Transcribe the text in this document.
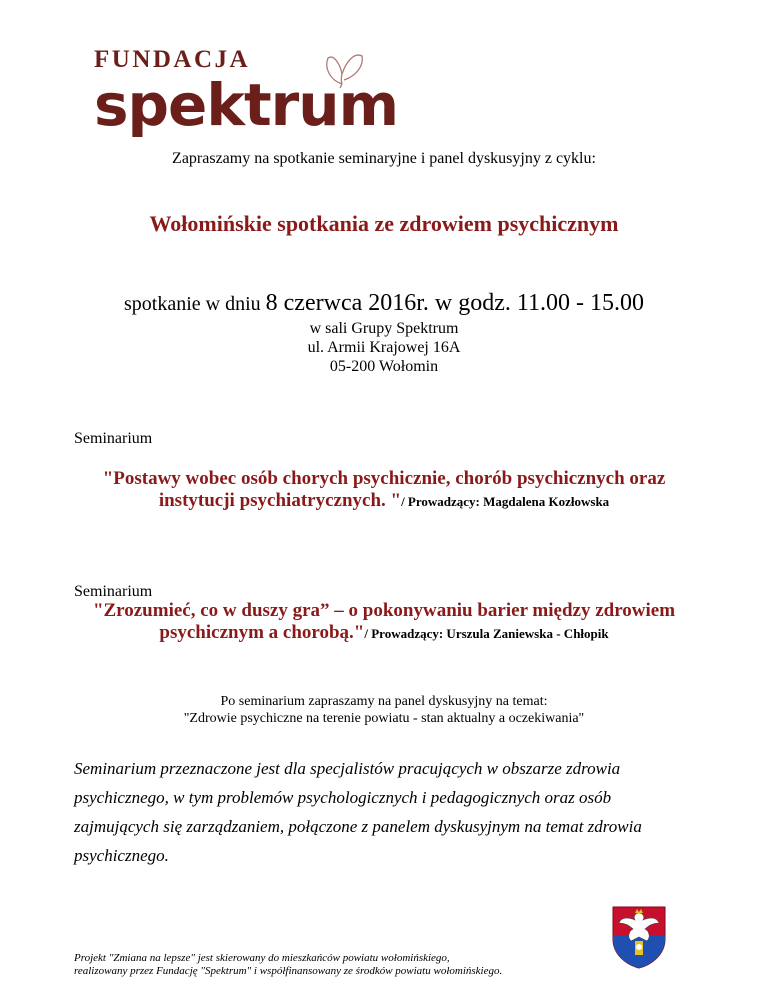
FUNDACJA
spektrum
Zapraszamy na spotkanie seminaryjne i panel dyskusyjny z cyklu:
Wołomińskie spotkania ze zdrowiem psychicznym
spotkanie w dniu 8 czerwca 2016r. w godz. 11.00 - 15.00
w sali Grupy Spektrum
ul. Armii Krajowej 16A
05-200 Wołomin
Seminarium
"Postawy wobec osób chorych psychicznie, chorób psychicznych oraz
instytucji psychiatrycznych. "/ Prowadzący: Magdalena Kozłowska
Seminarium
"Zrozumieć, co w duszy gra” – o pokonywaniu barier między zdrowiem
psychicznym a chorobą."/ Prowadzący: Urszula Zaniewska - Chłopik
Po seminarium zapraszamy na panel dyskusyjny na temat:
"Zdrowie psychiczne na terenie powiatu - stan aktualny a oczekiwania"
Seminarium przeznaczone jest dla specjalistów pracujących w obszarze zdrowia
psychicznego, w tym problemów psychologicznych i pedagogicznych oraz osób
zajmujących się zarządzaniem, połączone z panelem dyskusyjnym na temat zdrowia
psychicznego.
Projekt "Zmiana na lepsze" jest skierowany do mieszkańców powiatu wołomińskiego,
realizowany przez Fundację "Spektrum" i współfinansowany ze środków powiatu wołomińskiego.
